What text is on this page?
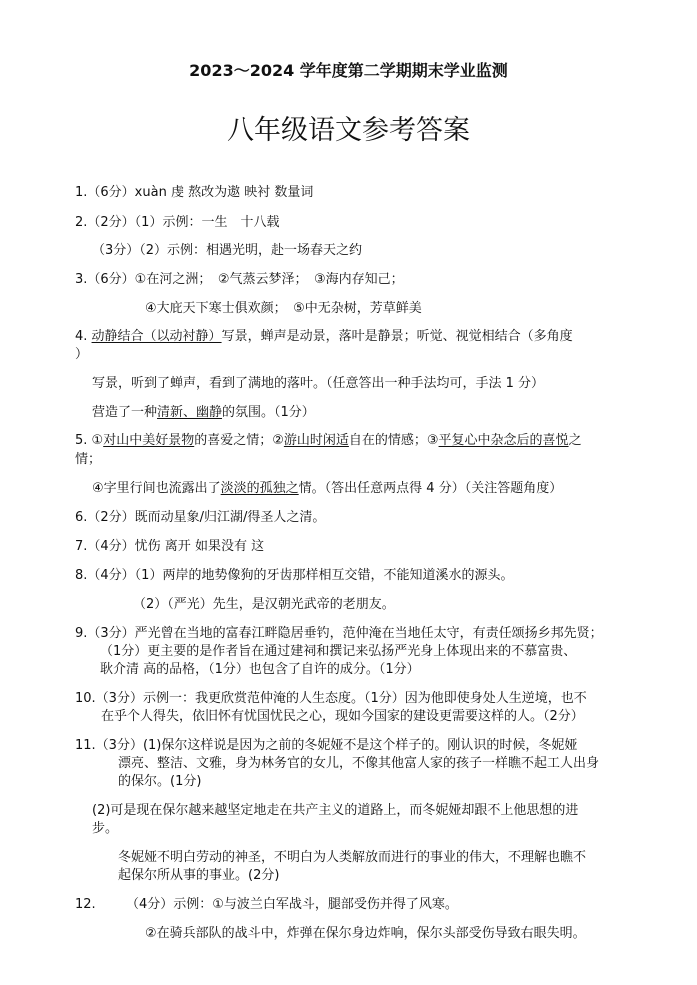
2023～2024 学年度第二学期期末学业监测
八年级语文参考答案
1.（6分）xuàn 虔 熬改为遨 映衬 数量词
2.（2分）（1）示例：一生　十八载
（3分）（2）示例：相遇光明，赴一场春天之约
3.（6分）①在河之洲；　②气蒸云梦泽；　③海内存知己；
④大庇天下寒士俱欢颜；　⑤中无杂树，芳草鲜美
4. 动静结合（以动衬静）写景，蝉声是动景，落叶是静景；听觉、视觉相结合（多角度
）
写景，听到了蝉声，看到了满地的落叶。（任意答出一种手法均可，手法 1 分）
营造了一种清新、幽静的氛围。（1分）
5. ①对山中美好景物的喜爱之情；②游山时闲适自在的情感；③平复心中杂念后的喜悦之
情；
④字里行间也流露出了淡淡的孤独之情。（答出任意两点得 4 分）（关注答题角度）
6.（2分）既而动星象/归江湖/得圣人之清。
7.（4分）忧伤 离开 如果没有 这
8.（4分）（1）两岸的地势像狗的牙齿那样相互交错，不能知道溪水的源头。
（2）（严光）先生，是汉朝光武帝的老朋友。
9.（3分）严光曾在当地的富春江畔隐居垂钓，范仲淹在当地任太守，有责任颂扬乡邦先贤；
（1分）更主要的是作者旨在通过建祠和撰记来弘扬严光身上体现出来的不慕富贵、
耿介清 高的品格，（1分）也包含了自许的成分。（1分）
10.（3分）示例一：我更欣赏范仲淹的人生态度。（1分）因为他即使身处人生逆境，也不
在乎个人得失，依旧怀有忧国忧民之心，现如今国家的建设更需要这样的人。（2分）
11.（3分）(1)保尔这样说是因为之前的冬妮娅不是这个样子的。刚认识的时候，冬妮娅
漂亮、整洁、文雅，身为林务官的女儿，不像其他富人家的孩子一样瞧不起工人出身
的保尔。(1分)
(2)可是现在保尔越来越坚定地走在共产主义的道路上，而冬妮娅却跟不上他思想的进
步。
冬妮娅不明白劳动的神圣，不明白为人类解放而进行的事业的伟大，不理解也瞧不
起保尔所从事的事业。(2分)
12. （4分）示例：①与波兰白军战斗，腿部受伤并得了风寒。
②在骑兵部队的战斗中，炸弹在保尔身边炸响，保尔头部受伤导致右眼失明。
